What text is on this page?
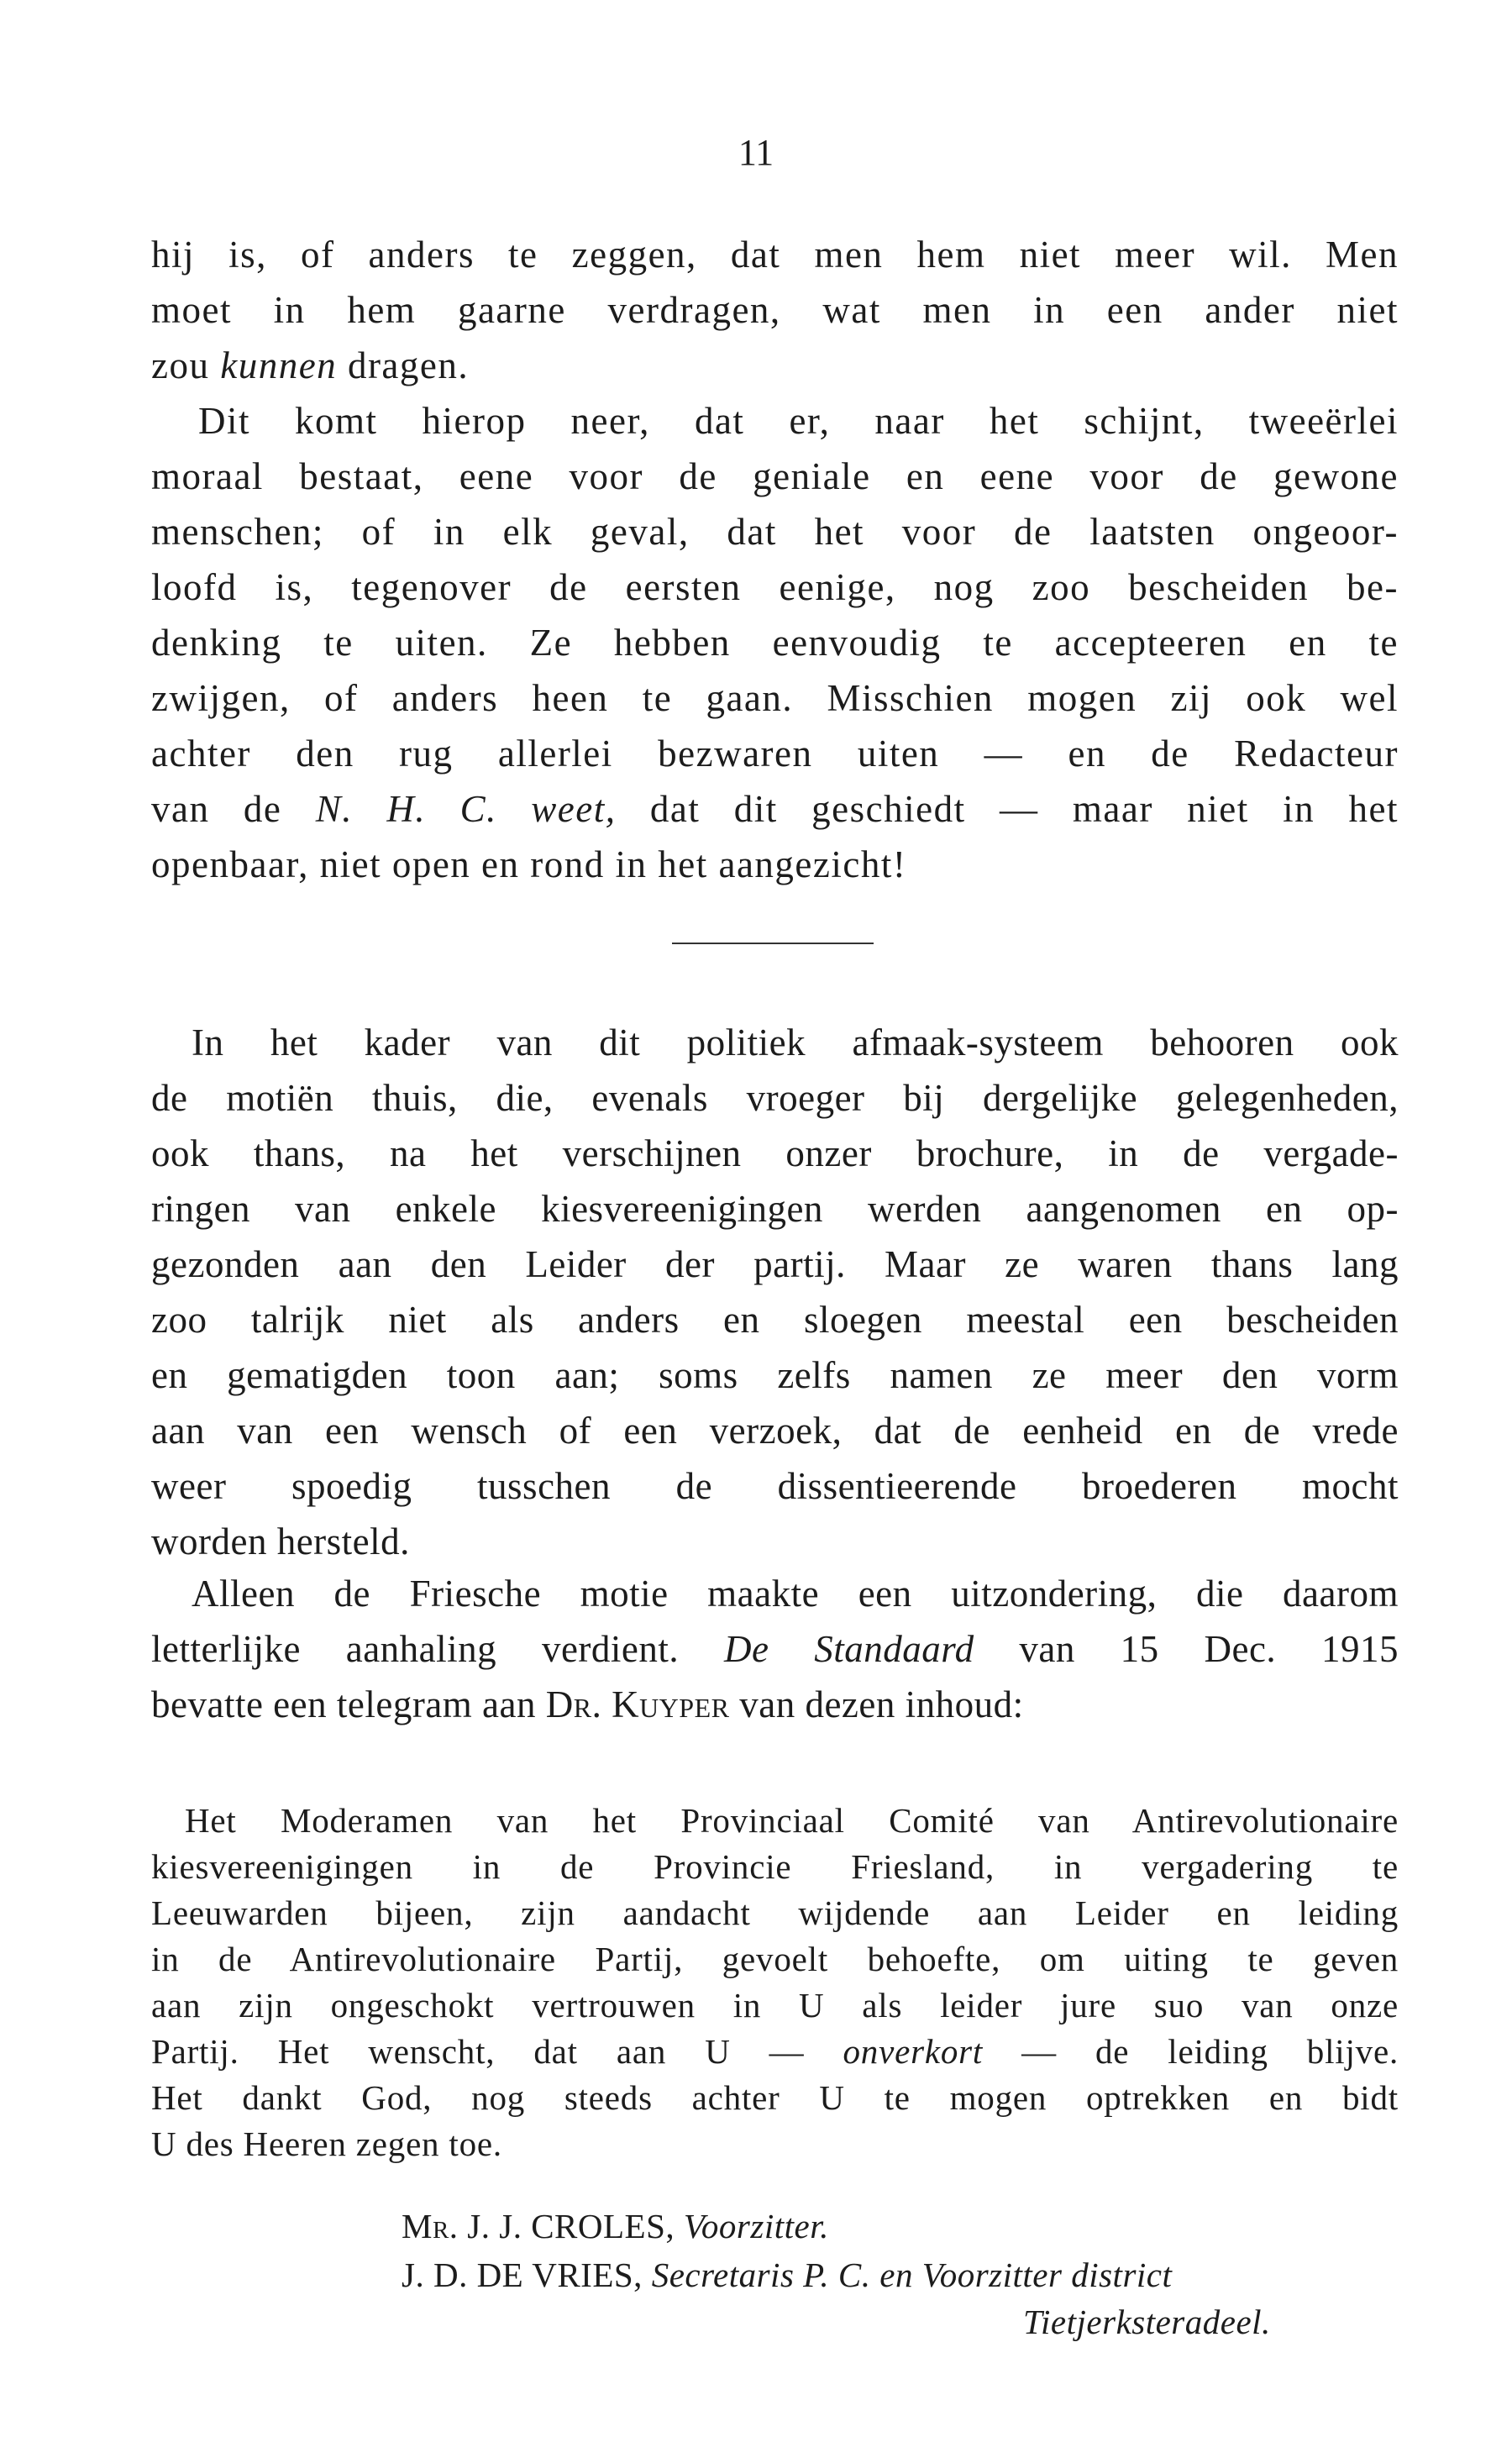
11

hij is, of anders te zeggen, dat men hem niet meer wil. Men
moet in hem gaarne verdragen, wat men in een ander niet
zou kunnen dragen.

Dit komt hierop neer, dat er, naar het schijnt, tweeërlei
moraal bestaat, eene voor de geniale en eene voor de gewone
menschen; of in elk geval, dat het voor de laatsten ongeoor-
loofd is, tegenover de eersten eenige, nog zoo bescheiden be-
denking te uiten. Ze hebben eenvoudig te accepteeren en te
zwijgen, of anders heen te gaan. Misschien mogen zij ook wel
achter den rug allerlei bezwaren uiten — en de Redacteur
van de N. H. C. weet, dat dit geschiedt — maar niet in het
openbaar, niet open en rond in het aangezicht!

In het kader van dit politiek afmaak-systeem behooren ook
de motiën thuis, die, evenals vroeger bij dergelijke gelegenheden,
ook thans, na het verschijnen onzer brochure, in de vergade-
ringen van enkele kiesvereenigingen werden aangenomen en op-
gezonden aan den Leider der partij. Maar ze waren thans lang
zoo talrijk niet als anders en sloegen meestal een bescheiden
en gematigden toon aan; soms zelfs namen ze meer den vorm
aan van een wensch of een verzoek, dat de eenheid en de vrede
weer spoedig tusschen de dissentieerende broederen mocht
worden hersteld.

Alleen de Friesche motie maakte een uitzondering, die daarom
letterlijke aanhaling verdient. De Standaard van 15 Dec. 1915
bevatte een telegram aan Dr. Kuyper van dezen inhoud:

Het Moderamen van het Provinciaal Comité van Antirevolutionaire
kiesvereenigingen in de Provincie Friesland, in vergadering te
Leeuwarden bijeen, zijn aandacht wijdende aan Leider en leiding
in de Antirevolutionaire Partij, gevoelt behoefte, om uiting te geven
aan zijn ongeschokt vertrouwen in U als leider jure suo van onze
Partij. Het wenscht, dat aan U — onverkort — de leiding blijve.
Het dankt God, nog steeds achter U te mogen optrekken en bidt
U des Heeren zegen toe.

Mr. J. J. CROLES, Voorzitter.
J. D. DE VRIES, Secretaris P. C. en Voorzitter district
Tietjerksteradeel.
